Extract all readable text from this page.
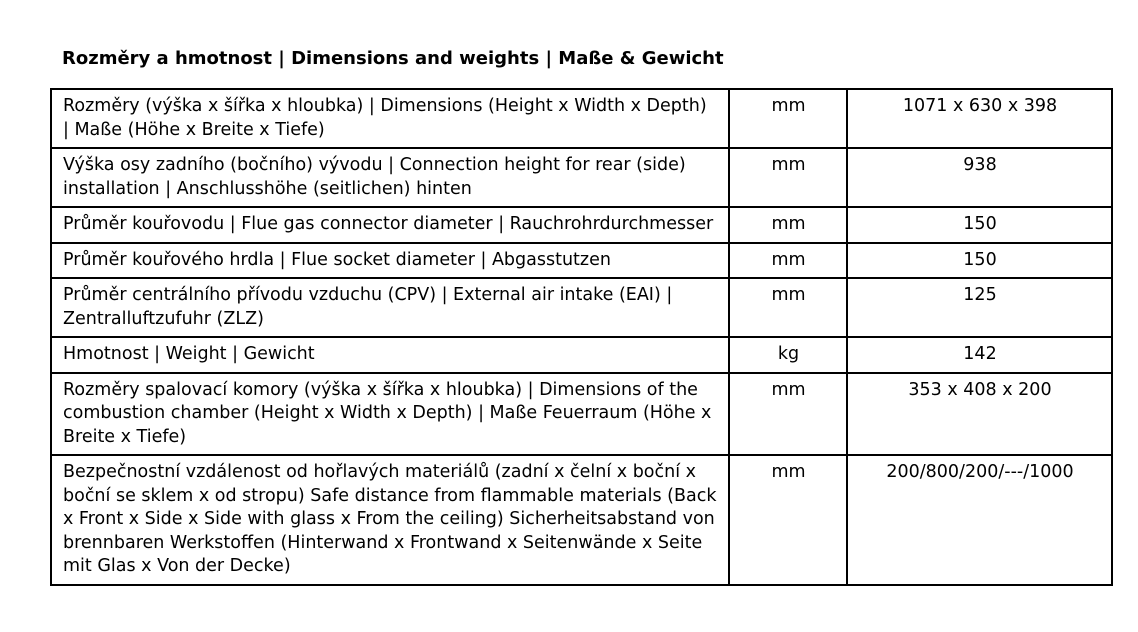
Rozměry a hmotnost | Dimensions and weights | Maße & Gewicht
Rozměry (výška x šířka x hloubka) | Dimensions (Height x Width x Depth) | Maße (Höhe x Breite x Tiefe)	mm	1071 x 630 x 398
Výška osy zadního (bočního) vývodu | Connection height for rear (side) installation | Anschlusshöhe (seitlichen) hinten	mm	938
Průměr kouřovodu | Flue gas connector diameter | Rauchrohrdurchmesser	mm	150
Průměr kouřového hrdla | Flue socket diameter | Abgasstutzen	mm	150
Průměr centrálního přívodu vzduchu (CPV) | External air intake (EAI) | Zentralluftzufuhr (ZLZ)	mm	125
Hmotnost | Weight | Gewicht	kg	142
Rozměry spalovací komory (výška x šířka x hloubka) | Dimensions of the combustion chamber (Height x Width x Depth) | Maße Feuerraum (Höhe x Breite x Tiefe)	mm	353 x 408 x 200
Bezpečnostní vzdálenost od hořlavých materiálů (zadní x čelní x boční x boční se sklem x od stropu) Safe distance from flammable materials (Back x Front x Side x Side with glass x From the ceiling) Sicherheitsabstand von brennbaren Werkstoffen (Hinterwand x Frontwand x Seitenwände x Seite mit Glas x Von der Decke)	mm	200/800/200/---/1000
